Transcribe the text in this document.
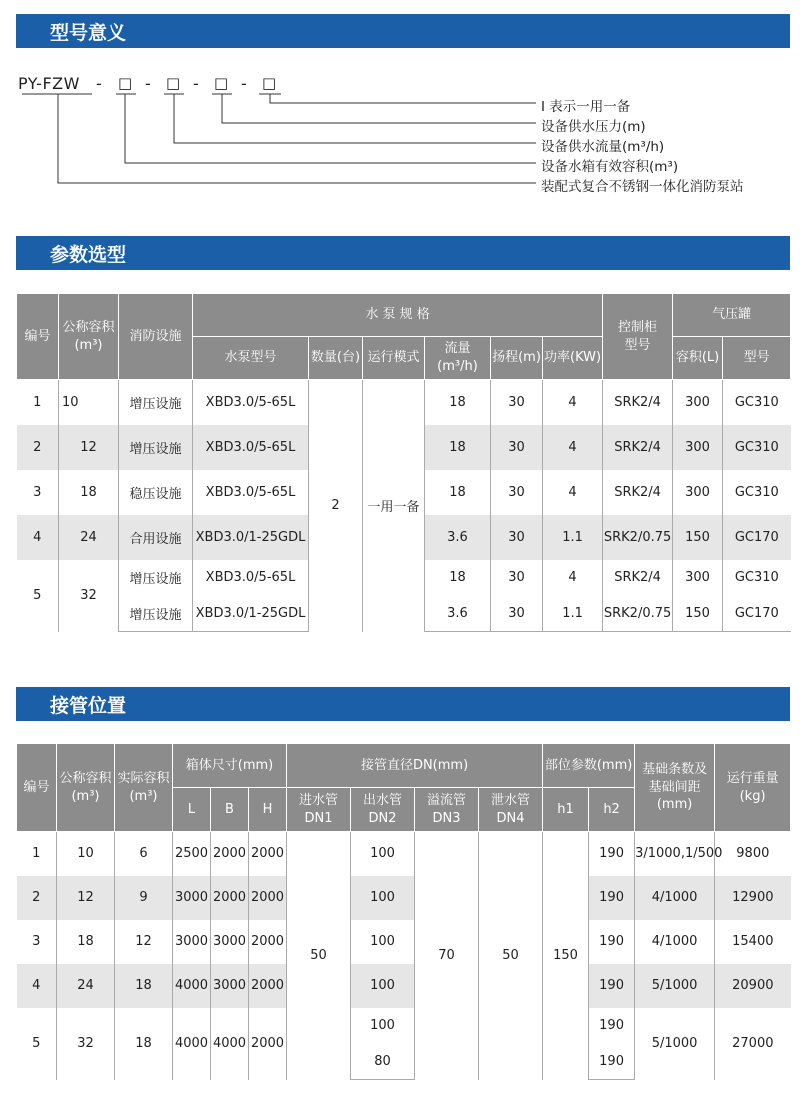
型号意义
PY-FZW - □ - □ - □ - □
I 表示一用一备
设备供水压力(m)
设备供水流量(m³/h)
设备水箱有效容积(m³)
装配式复合不锈钢一体化消防泵站
参数选型
编号	公称容积
(m³)	消防设施	水 泵 规 格						控制柜
型号	气压罐	
			水泵型号	数量(台)	运行模式	流量(m³/h)	扬程(m)	功率(KW)		容积(L)	型号
1	10	增压设施	XBD3.0/5-65L	2	一用一备	18	30	4	SRK2/4	300	GC310
2	12	增压设施	XBD3.0/5-65L			18	30	4	SRK2/4	300	GC310
3	18	稳压设施	XBD3.0/5-65L			18	30	4	SRK2/4	300	GC310
4	24	合用设施	XBD3.0/1-25GDL			3.6	30	1.1	SRK2/0.75	150	GC170
5	32	增压设施	XBD3.0/5-65L			18	30	4	SRK2/4	300	GC310
		增压设施	XBD3.0/1-25GDL			3.6	30	1.1	SRK2/0.75	150	GC170
接管位置
编号	公称容积
(m³)	实际容积
(m³)	箱体尺寸(mm)			接管直径DN(mm)				部位参数(mm)		基础条数及
基础间距
(mm)	运行重量
(kg)
			L	B	H	进水管DN1	出水管DN2	溢流管DN3	泄水管DN4	h1	h2		
1	10	6	2500	2000	2000	50	100	70	50	150	190	3/1000,1/500	9800
2	12	9	3000	2000	2000		100				190	4/1000	12900
3	18	12	3000	3000	2000		100				190	4/1000	15400
4	24	18	4000	3000	2000		100				190	5/1000	20900
5	32	18	4000	4000	2000		100				190	5/1000	27000
							80				190		
